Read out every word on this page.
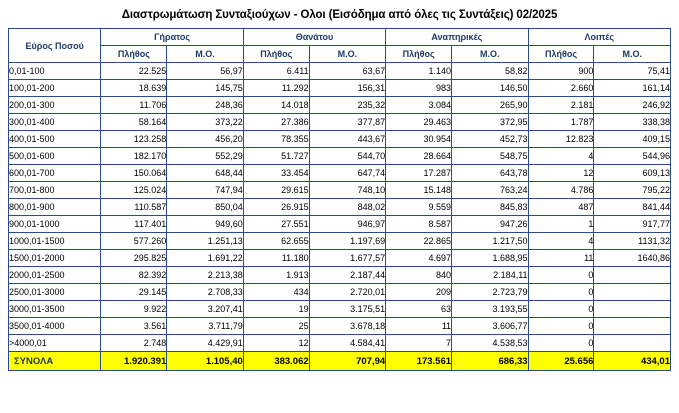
Διαστρωμάτωση Συνταξιούχων - Ολοι (Εισόδημα από όλες τις Συντάξεις) 02/2025
Εύρος Ποσού	Γήρατος		Θανάτου		Αναπηρικές		Λοιπές	
	Πλήθος	Μ.Ο.	Πλήθος	Μ.Ο.	Πλήθος	Μ.Ο.	Πλήθος	Μ.Ο.
0,01-100	22.525	56,97	6.411	63,67	1.140	58,82	900	75,41
100,01-200	18.639	145,75	11.292	156,31	983	146,50	2.660	161,14
200,01-300	11.706	248,36	14.018	235,32	3.084	265,90	2.181	246,92
300,01-400	58.164	373,22	27.386	377,87	29.463	372,95	1.787	338,38
400,01-500	123.258	456,20	78.355	443,67	30.954	452,73	12.823	409,15
500,01-600	182.170	552,29	51.727	544,70	28.664	548,75	4	544,96
600,01-700	150.064	648,44	33.454	647,74	17.287	643,78	12	609,13
700,01-800	125.024	747,94	29.615	748,10	15.148	763,24	4.786	795,22
800,01-900	110.587	850,04	26.915	848,02	9.559	845,83	487	841,44
900,01-1000	117.401	949,60	27.551	946,97	8.587	947,26	1	917,77
1000,01-1500	577.260	1.251,13	62.655	1.197,69	22.865	1.217,50	4	1131,32
1500,01-2000	295.825	1.691,22	11.180	1.677,57	4.697	1.688,95	11	1640,86
2000,01-2500	82.392	2.213,38	1.913	2.187,44	840	2.184,11	0	
2500,01-3000	29.145	2.708,33	434	2.720,01	209	2.723,79	0	
3000,01-3500	9.922	3.207,41	19	3.175,51	63	3.193,55	0	
3500,01-4000	3.561	3.711,79	25	3.678,18	11	3.606,77	0	
>4000,01	2.748	4.429,91	12	4.584,41	7	4.538,53	0	
ΣΥΝΟΛΑ	1.920.391	1.105,40	383.062	707,94	173.561	686,33	25.656	434,01
